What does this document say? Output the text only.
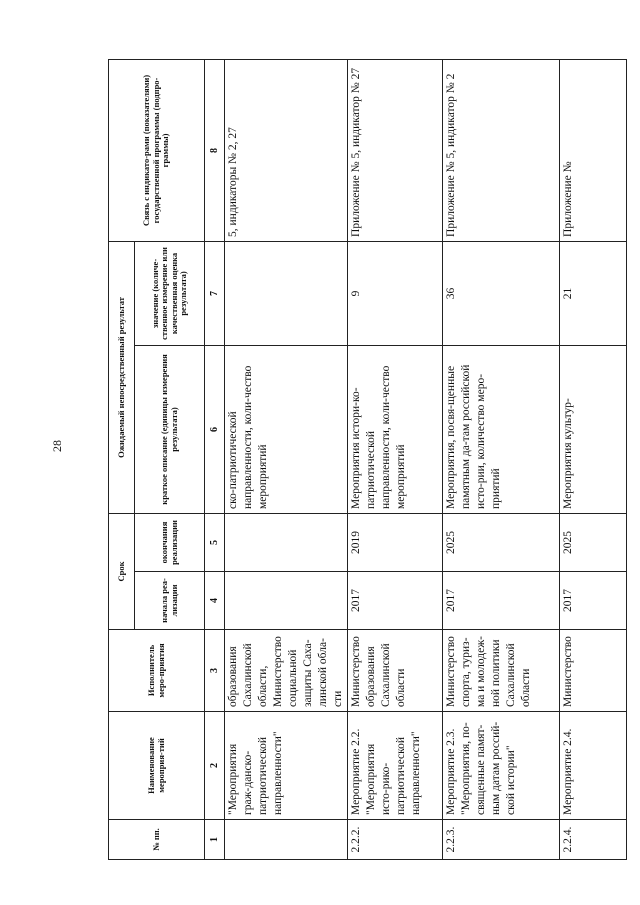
28
№ пп.	Наименование мероприя-тий	Исполнитель меро-приятия	Срок		Ожидаемый непосредственный результат		Связь с индикато-рами (показателями) государственной программы (подпро-граммы)
			начала реа-лизации	окончания реализации	краткое описание (единицы измерения результата)	значение (количе-ственное измерение или качественная оценка результата)	
1	2	3	4	5	6	7	8
	"Мероприятия граж-данско-патриотической направленности"	образования Сахалинской области, Министерство социальной защиты Саха-линской обла-сти			ско-патриотической направленности, коли-чество мероприятий		5, индикаторы № 2, 27
2.2.2.	Мероприятие 2.2. "Мероприятия исто-рико-патриотической направленности"	Министерство образования Сахалинской области	2017	2019	Мероприятия истори-ко-патриотической направленности, коли-чество мероприятий	9	Приложение № 5, индикатор № 27
2.2.3.	Мероприятие 2.3. "Мероприятия, по-священные памят-ным датам россий-ской истории"	Министерство спорта, туриз-ма и молодеж-ной политики Сахалинской области	2017	2025	Мероприятия, посвя-щенные памятным да-там российской исто-рии, количество меро-приятий	36	Приложение № 5, индикатор № 2
2.2.4.	Мероприятие 2.4.	Министерство	2017	2025	Мероприятия культур-	21	Приложение №
